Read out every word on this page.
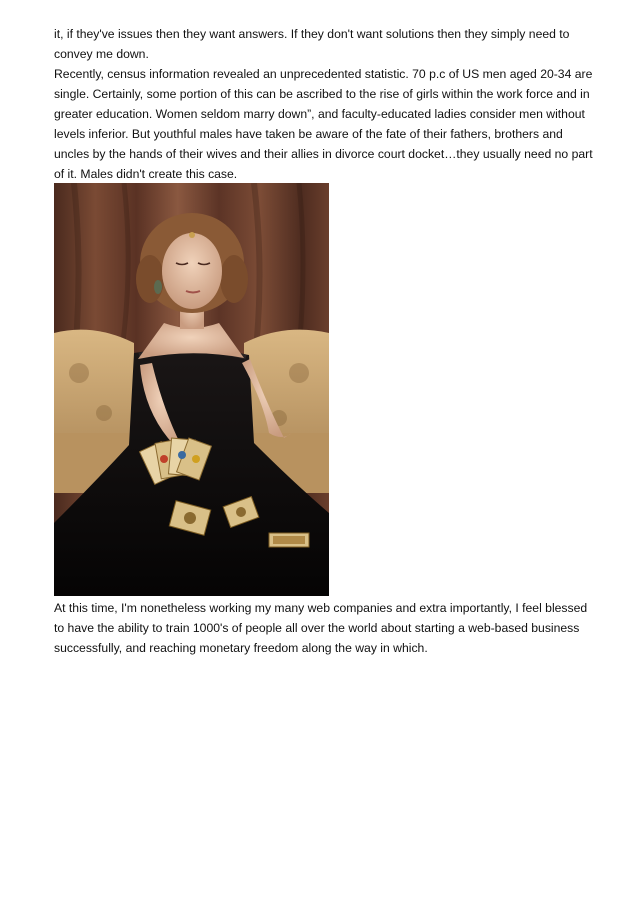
it, if they've issues then they want answers. If they don't want solutions then they simply need to convey me down.

Recently, census information revealed an unprecedented statistic. 70 p.c of US men aged 20-34 are single. Certainly, some portion of this can be ascribed to the rise of girls within the work force and in greater education. Women seldom marry down”, and faculty-educated ladies consider men without levels inferior. But youthful males have taken be aware of the fate of their fathers, brothers and uncles by the hands of their wives and their allies in divorce court docket…they usually need no part of it. Males didn't create this case.

At this time, I'm nonetheless working my many web companies and extra importantly, I feel blessed to have the ability to train 1000's of people all over the world about starting a web-based business successfully, and reaching monetary freedom along the way in which.
